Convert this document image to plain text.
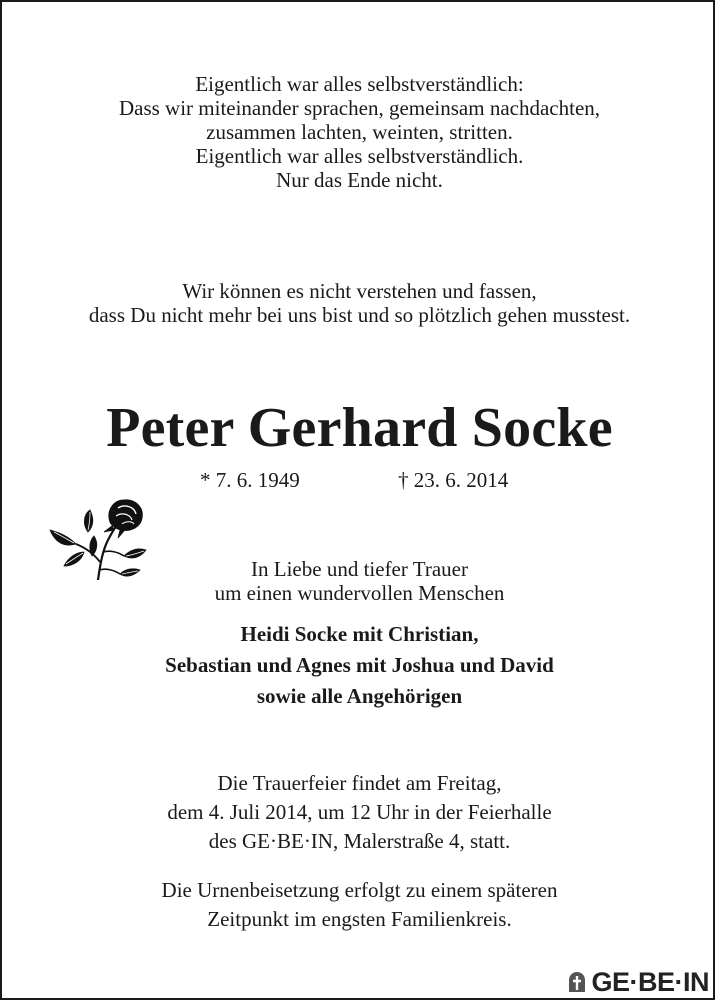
Eigentlich war alles selbstverständlich:
Dass wir miteinander sprachen, gemeinsam nachdachten,
zusammen lachten, weinten, stritten.
Eigentlich war alles selbstverständlich.
Nur das Ende nicht.
Wir können es nicht verstehen und fassen,
dass Du nicht mehr bei uns bist und so plötzlich gehen musstest.
Peter Gerhard Socke
* 7. 6. 1949	† 23. 6. 2014
In Liebe und tiefer Trauer
um einen wundervollen Menschen
Heidi Socke mit Christian,
Sebastian und Agnes mit Joshua und David
sowie alle Angehörigen
Die Trauerfeier findet am Freitag,
dem 4. Juli 2014, um 12 Uhr in der Feierhalle
des GE·BE·IN, Malerstraße 4, statt.
Die Urnenbeisetzung erfolgt zu einem späteren
Zeitpunkt im engsten Familienkreis.
GE·BE·IN
